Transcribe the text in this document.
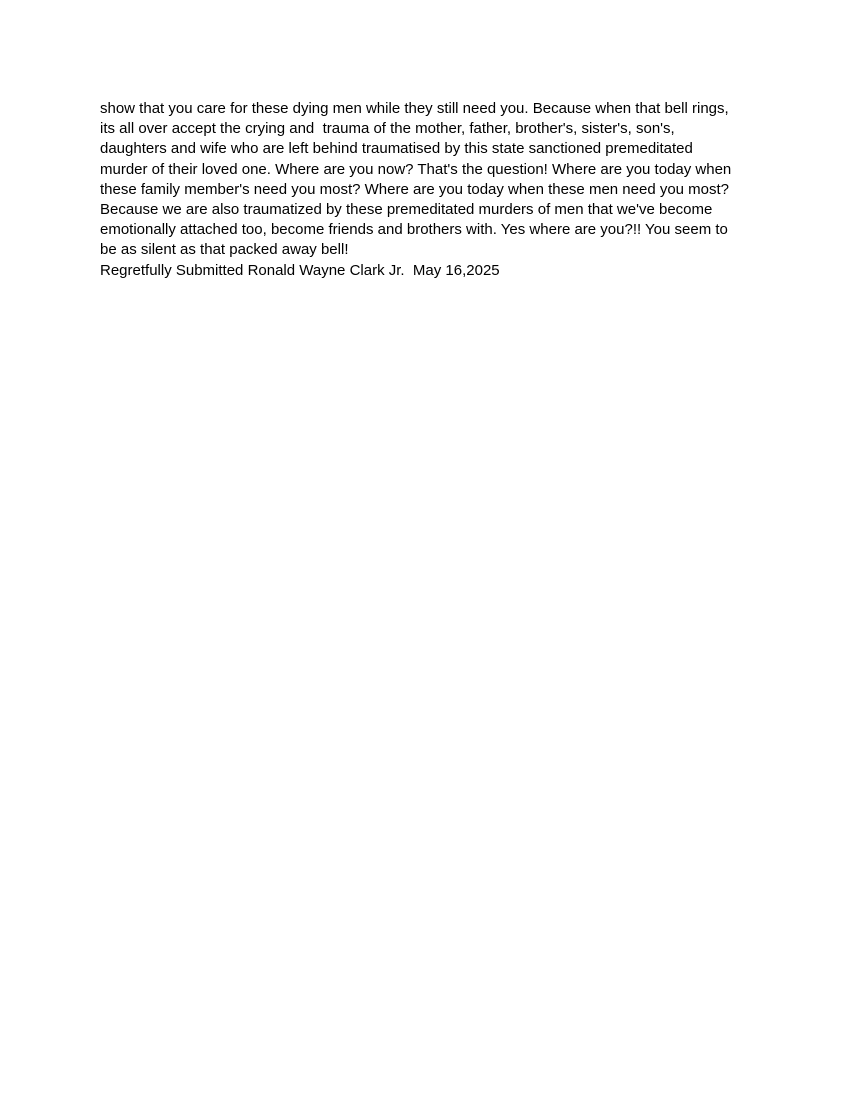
show that you care for these dying men while they still need you. Because when that bell rings,
its all over accept the crying and  trauma of the mother, father, brother's, sister's, son's,
daughters and wife who are left behind traumatised by this state sanctioned premeditated
murder of their loved one. Where are you now? That's the question! Where are you today when
these family member's need you most? Where are you today when these men need you most?
Because we are also traumatized by these premeditated murders of men that we've become
emotionally attached too, become friends and brothers with. Yes where are you?!! You seem to
be as silent as that packed away bell!
Regretfully Submitted Ronald Wayne Clark Jr.  May 16,2025
